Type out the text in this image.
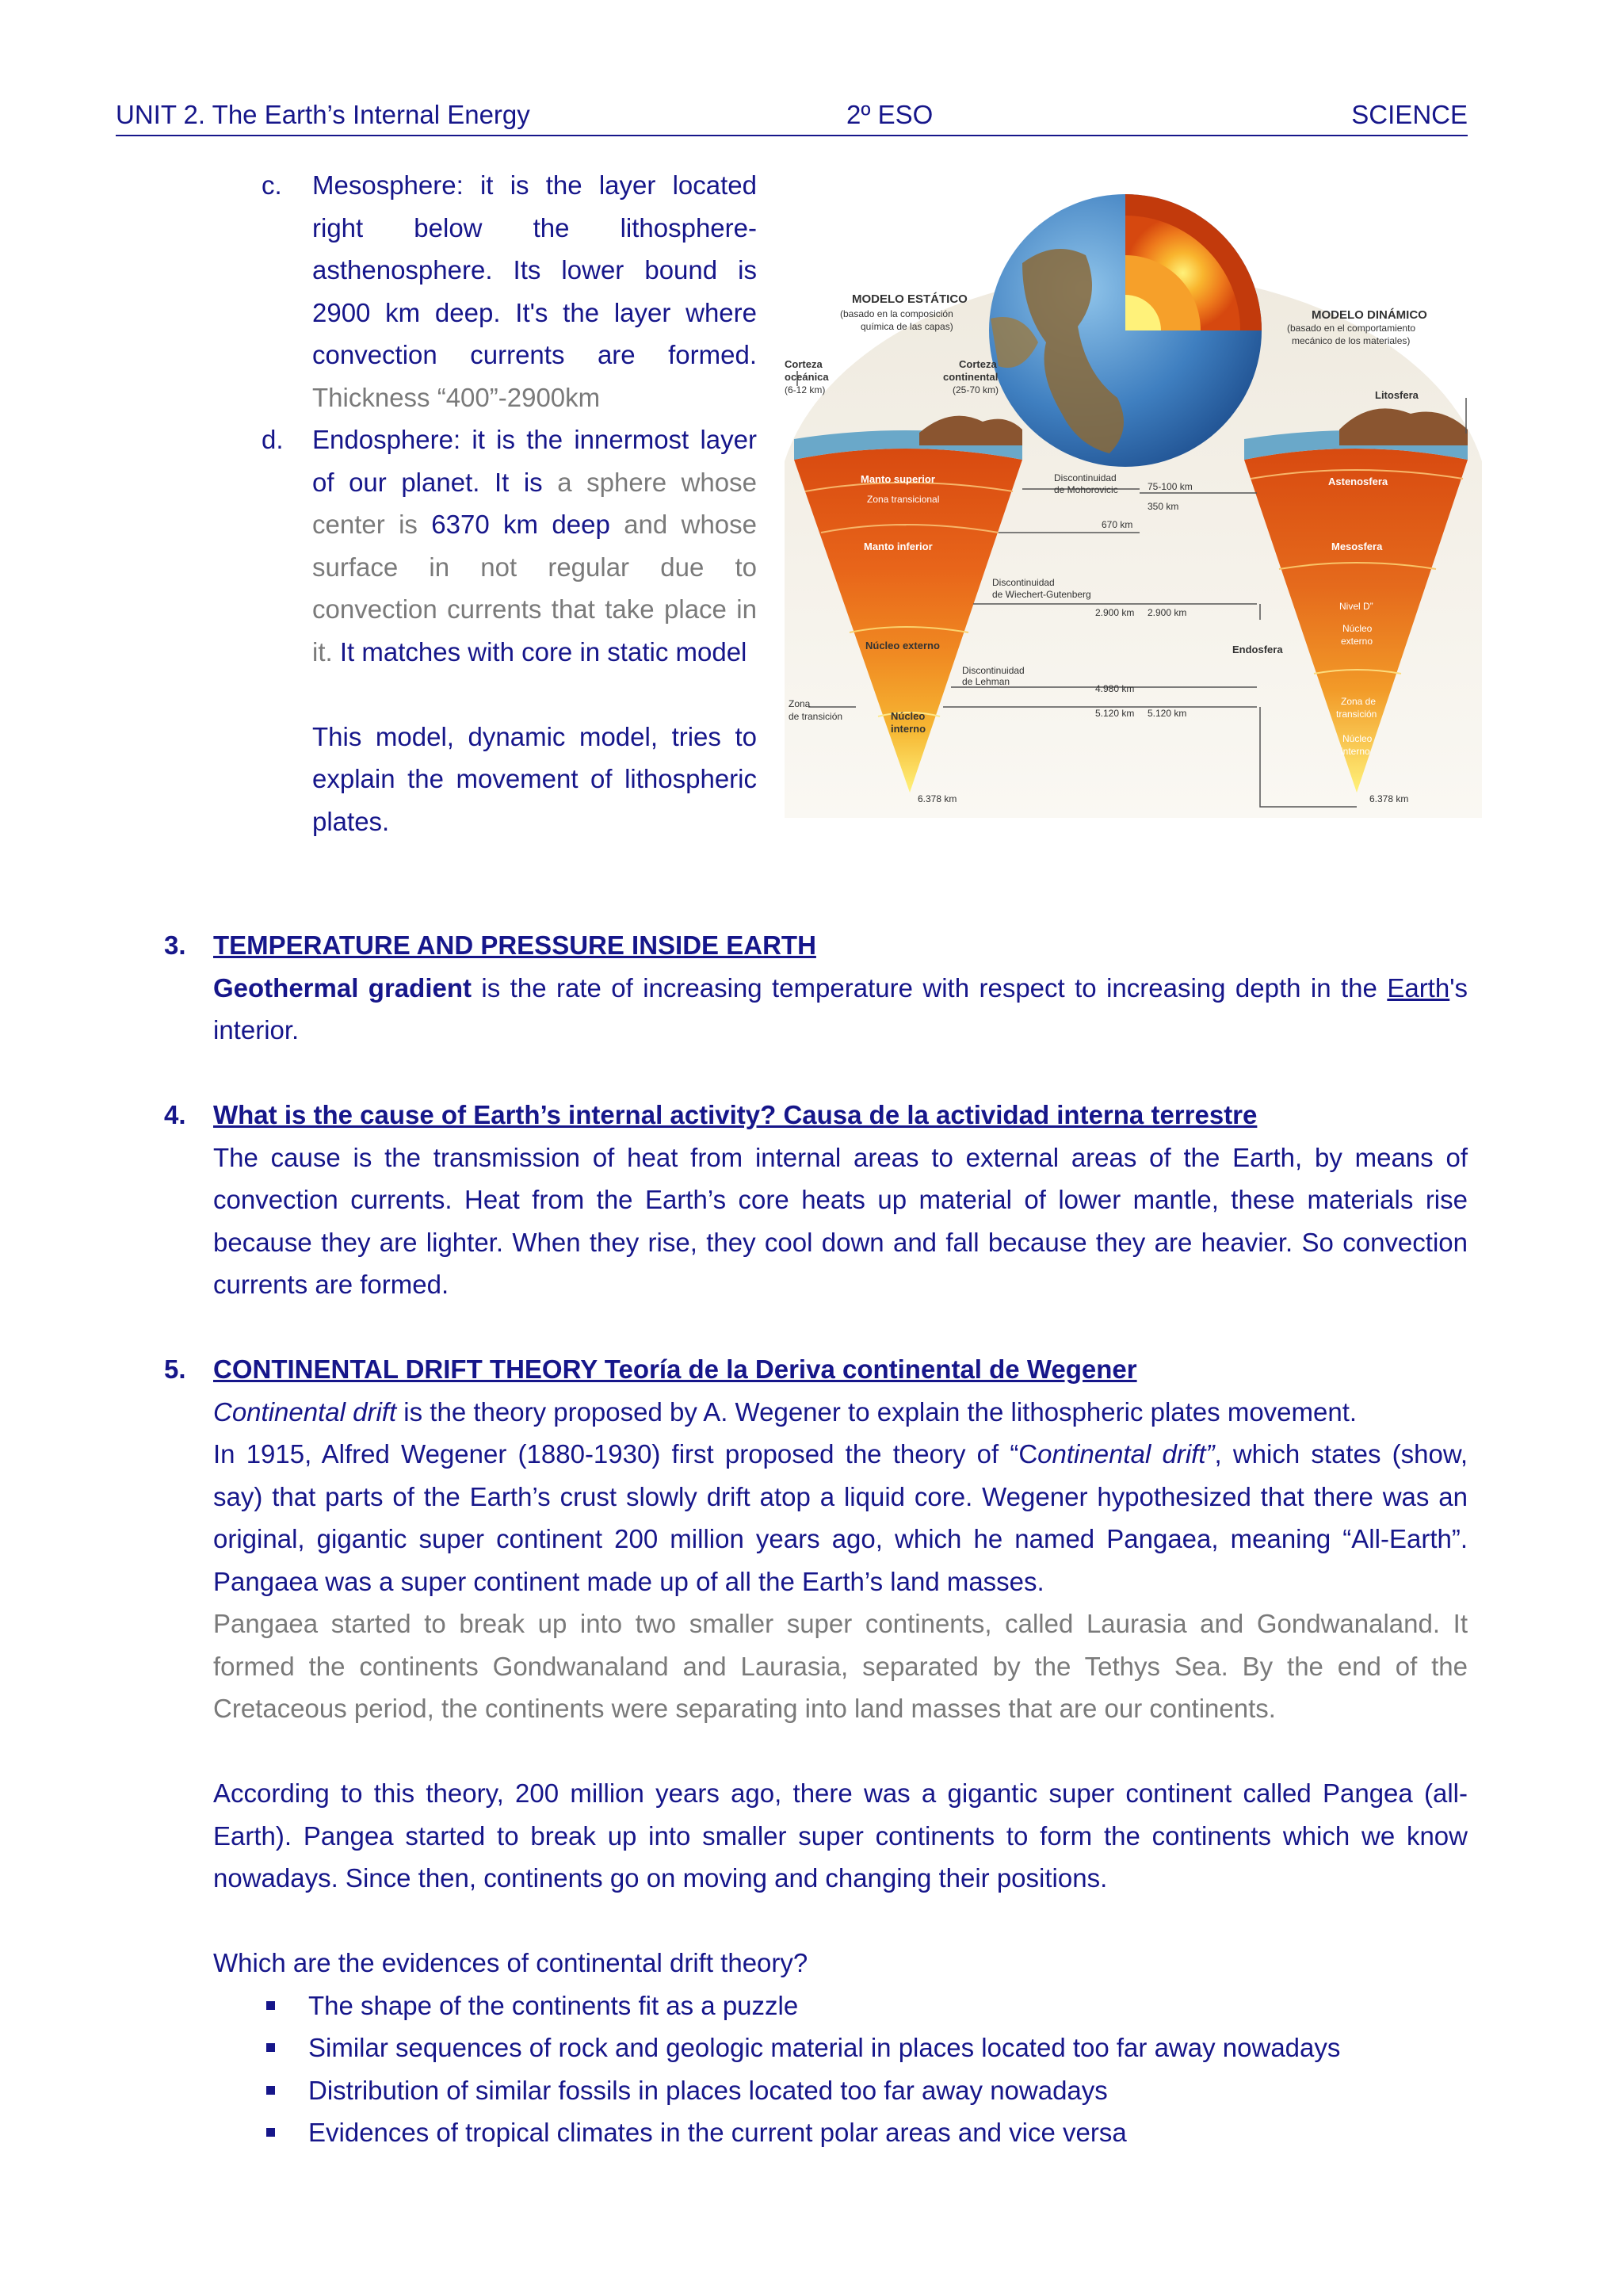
UNIT 2. The Earth’s Internal Energy	2º ESO	SCIENCE
c. Mesosphere: it is the layer located right below the lithosphere-asthenosphere. Its lower bound is 2900 km deep. It's the layer where convection currents are formed. Thickness “400”-2900km
d. Endosphere: it is the innermost layer of our planet. It is a sphere whose center is 6370 km deep and whose surface in not regular due to convection currents that take place in it. It matches with core in static model
This model, dynamic model, tries to explain the movement of lithospheric plates.
MODELO ESTÁTICO
(basado en la composición
química de las capas)
Corteza
oceánica
(6-12 km)
Corteza
continental
(25-70 km)
Manto superior
Zona transicional
Manto inferior
Núcleo externo
Núcleo
interno
Zona
de transición
Discontinuidad
de Mohorovicic
Discontinuidad
de Wiechert-Gutenberg
Discontinuidad
de Lehman
6.378 km
75-100 km
350 km
670 km
2.900 km 2.900 km
4.980 km
5.120 km 5.120 km
MODELO DINÁMICO
(basado en el comportamiento
mecánico de los materiales)
Litosfera
Astenosfera
Mesosfera
Nivel D”
Núcleo
externo
Endosfera
Zona de
transición
Núcleo
interno
6.378 km
3. TEMPERATURE AND PRESSURE INSIDE EARTH

Geothermal gradient is the rate of increasing temperature with respect to increasing depth in the Earth's interior.

4. What is the cause of Earth’s internal activity? Causa de la actividad interna terrestre

The cause is the transmission of heat from internal areas to external areas of the Earth, by means of convection currents. Heat from the Earth’s core heats up material of lower mantle, these materials rise because they are lighter. When they rise, they cool down and fall because they are heavier. So convection currents are formed.

5. CONTINENTAL DRIFT THEORY Teoría de la Deriva continental de Wegener

Continental drift is the theory proposed by A. Wegener to explain the lithospheric plates movement.

In 1915, Alfred Wegener (1880-1930) first proposed the theory of “Continental drift”, which states (show, say) that parts of the Earth’s crust slowly drift atop a liquid core. Wegener hypothesized that there was an original, gigantic super continent 200 million years ago, which he named Pangaea, meaning “All-Earth”. Pangaea was a super continent made up of all the Earth’s land masses.

Pangaea started to break up into two smaller super continents, called Laurasia and Gondwanaland. It formed the continents Gondwanaland and Laurasia, separated by the Tethys Sea. By the end of the Cretaceous period, the continents were separating into land masses that are our continents.

According to this theory, 200 million years ago, there was a gigantic super continent called Pangea (all-Earth). Pangea started to break up into smaller super continents to form the continents which we know nowadays. Since then, continents go on moving and changing their positions.

Which are the evidences of continental drift theory?

The shape of the continents fit as a puzzle
Similar sequences of rock and geologic material in places located too far away nowadays
Distribution of similar fossils in places located too far away nowadays
Evidences of tropical climates in the current polar areas and vice versa
